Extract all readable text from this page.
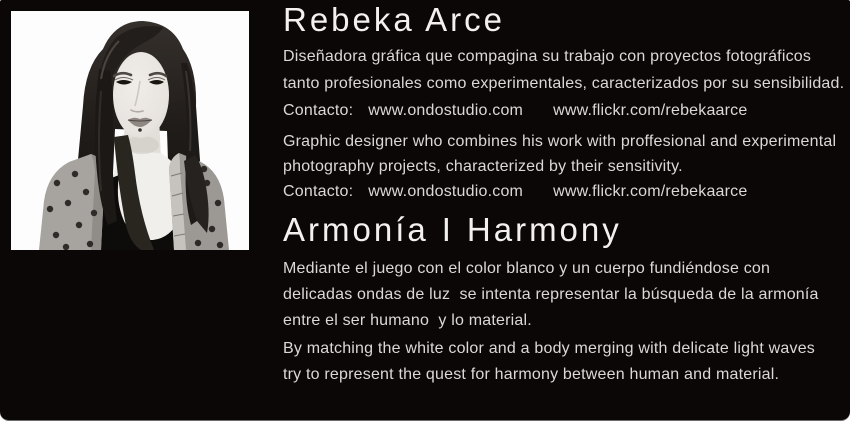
Rebeka Arce
Diseñadora gráfica que compagina su trabajo con proyectos fotográficos
tanto profesionales como experimentales, caracterizados por su sensibilidad.
Contacto: www.ondostudio.com www.flickr.com/rebekaarce
Graphic designer who combines his work with proffesional and experimental
photography projects, characterized by their sensitivity.
Contacto: www.ondostudio.com www.flickr.com/rebekaarce
Armonía I Harmony
Mediante el juego con el color blanco y un cuerpo fundiéndose con
delicadas ondas de luz  se intenta representar la búsqueda de la armonía
entre el ser humano  y lo material.
By matching the white color and a body merging with delicate light waves
try to represent the quest for harmony between human and material.
